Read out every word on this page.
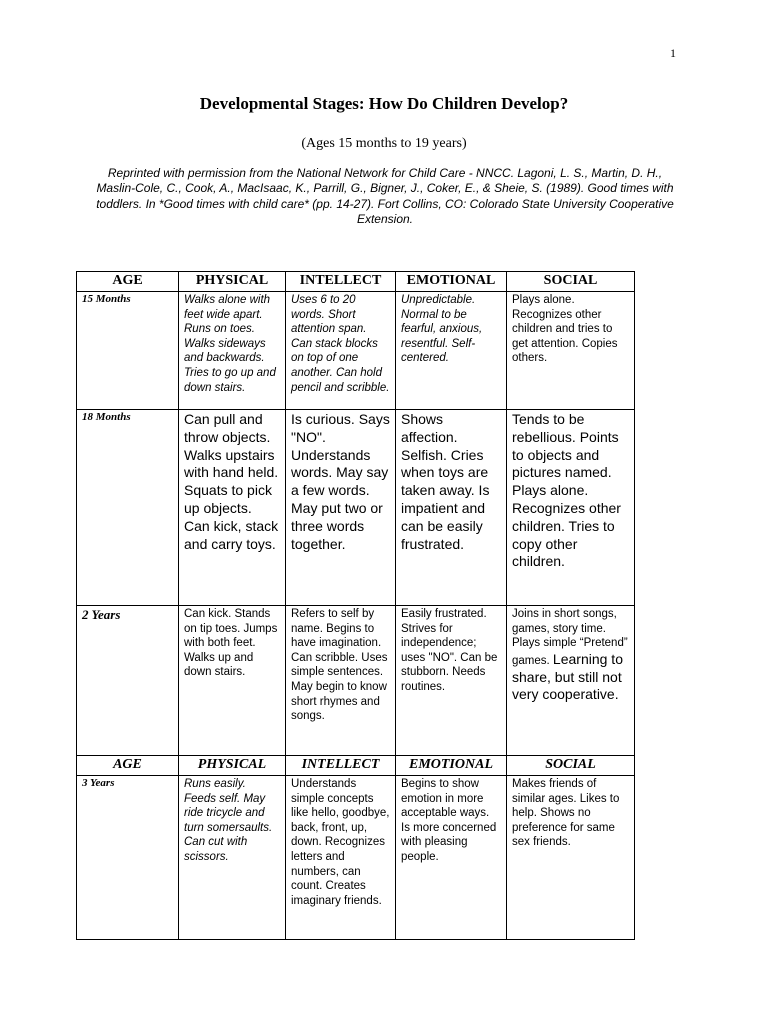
1
Developmental Stages: How Do Children Develop?
(Ages 15 months to 19 years)
Reprinted with permission from the National Network for Child Care - NNCC. Lagoni, L. S., Martin, D. H., Maslin-Cole, C., Cook, A., MacIsaac, K., Parrill, G., Bigner, J., Coker, E., & Sheie, S. (1989). Good times with toddlers. In *Good times with child care* (pp. 14-27). Fort Collins, CO: Colorado State University Cooperative Extension.
AGE	PHYSICAL	INTELLECT	EMOTIONAL	SOCIAL
15 Months	Walks alone with feet wide apart. Runs on toes. Walks sideways and backwards. Tries to go up and down stairs.	Uses 6 to 20 words. Short attention span. Can stack blocks on top of one another. Can hold pencil and scribble.	Unpredictable. Normal to be fearful, anxious, resentful. Self-centered.	Plays alone. Recognizes other children and tries to get attention. Copies others.
18 Months	Can pull and throw objects. Walks upstairs with hand held. Squats to pick up objects. Can kick, stack and carry toys.	Is curious. Says "NO". Understands words. May say a few words. May put two or three words together.	Shows affection. Selfish. Cries when toys are taken away. Is impatient and can be easily frustrated.	Tends to be rebellious. Points to objects and pictures named. Plays alone. Recognizes other children. Tries to copy other children.
2 Years	Can kick. Stands on tip toes. Jumps with both feet. Walks up and down stairs.	Refers to self by name. Begins to have imagination. Can scribble. Uses simple sentences. May begin to know short rhymes and songs.	Easily frustrated. Strives for independence; uses "NO". Can be stubborn. Needs routines.	Joins in short songs, games, story time. Plays simple “Pretend” games. Learning to share, but still not very cooperative.
AGE	PHYSICAL	INTELLECT	EMOTIONAL	SOCIAL
3 Years	Runs easily. Feeds self. May ride tricycle and turn somersaults. Can cut with scissors.	Understands simple concepts like hello, goodbye, back, front, up, down. Recognizes letters and numbers, can count. Creates imaginary friends.	Begins to show emotion in more acceptable ways. Is more concerned with pleasing people.	Makes friends of similar ages. Likes to help. Shows no preference for same sex friends.
